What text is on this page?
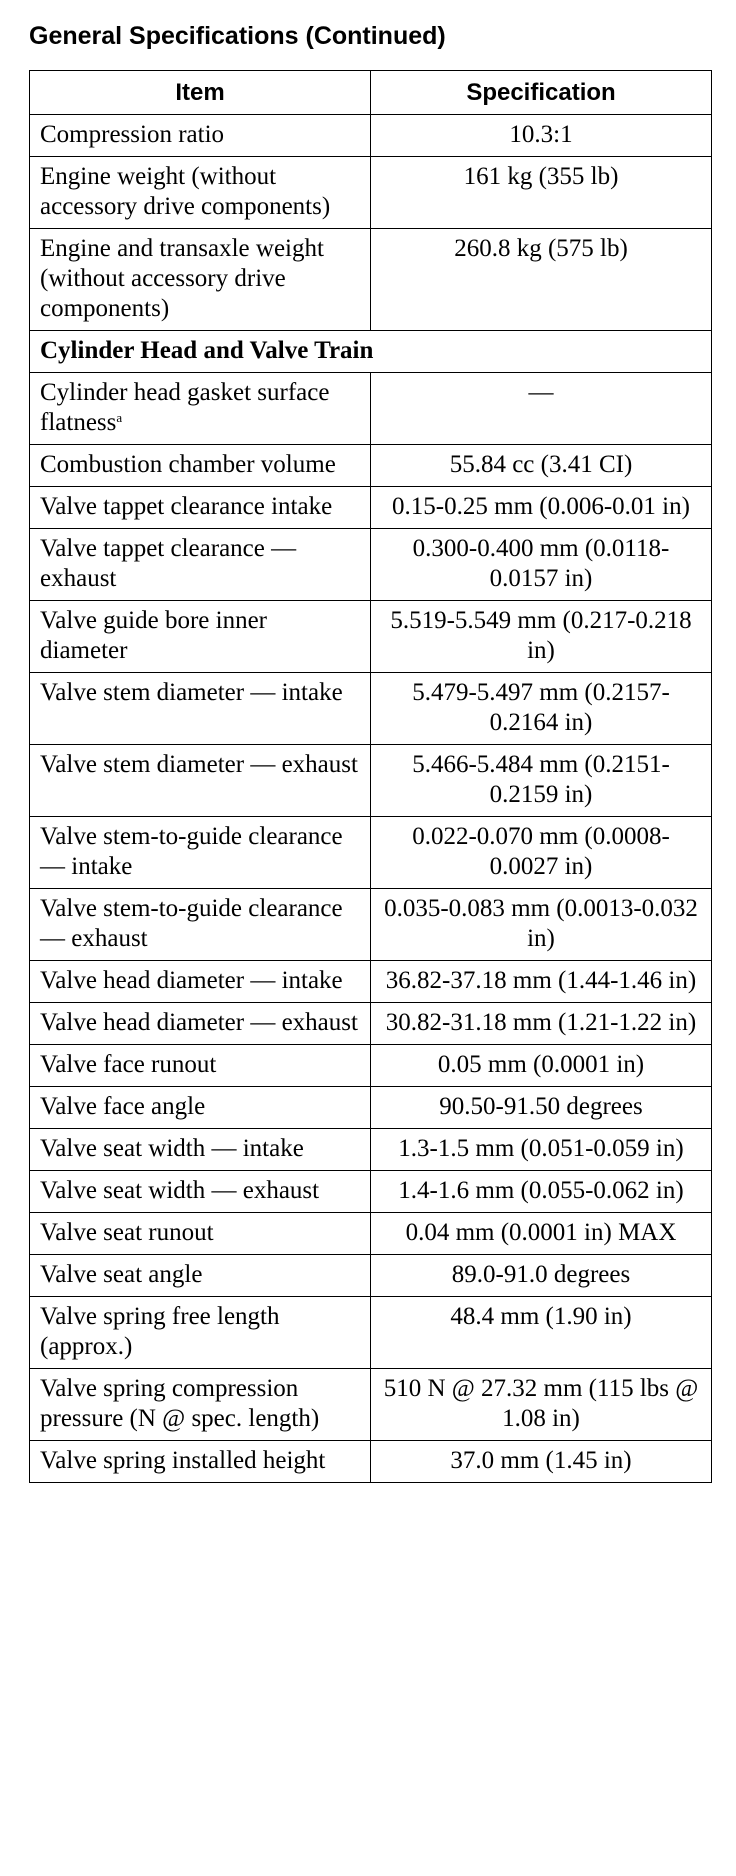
General Specifications (Continued)
Item	Specification
Compression ratio	10.3:1
Engine weight (without accessory drive components)	161 kg (355 lb)
Engine and transaxle weight (without accessory drive components)	260.8 kg (575 lb)
Cylinder Head and Valve Train	
Cylinder head gasket surface flatness$^a$	—
Combustion chamber volume	55.84 cc (3.41 CI)
Valve tappet clearance intake	0.15-0.25 mm (0.006-0.01 in)
Valve tappet clearance — exhaust	0.300-0.400 mm (0.0118-0.0157 in)
Valve guide bore inner diameter	5.519-5.549 mm (0.217-0.218 in)
Valve stem diameter — intake	5.479-5.497 mm (0.2157-0.2164 in)
Valve stem diameter — exhaust	5.466-5.484 mm (0.2151-0.2159 in)
Valve stem-to-guide clearance — intake	0.022-0.070 mm (0.0008-0.0027 in)
Valve stem-to-guide clearance — exhaust	0.035-0.083 mm (0.0013-0.032 in)
Valve head diameter — intake	36.82-37.18 mm (1.44-1.46 in)
Valve head diameter — exhaust	30.82-31.18 mm (1.21-1.22 in)
Valve face runout	0.05 mm (0.0001 in)
Valve face angle	90.50-91.50 degrees
Valve seat width — intake	1.3-1.5 mm (0.051-0.059 in)
Valve seat width — exhaust	1.4-1.6 mm (0.055-0.062 in)
Valve seat runout	0.04 mm (0.0001 in) MAX
Valve seat angle	89.0-91.0 degrees
Valve spring free length (approx.)	48.4 mm (1.90 in)
Valve spring compression pressure (N @ spec. length)	510 N @ 27.32 mm (115 lbs @ 1.08 in)
Valve spring installed height	37.0 mm (1.45 in)
